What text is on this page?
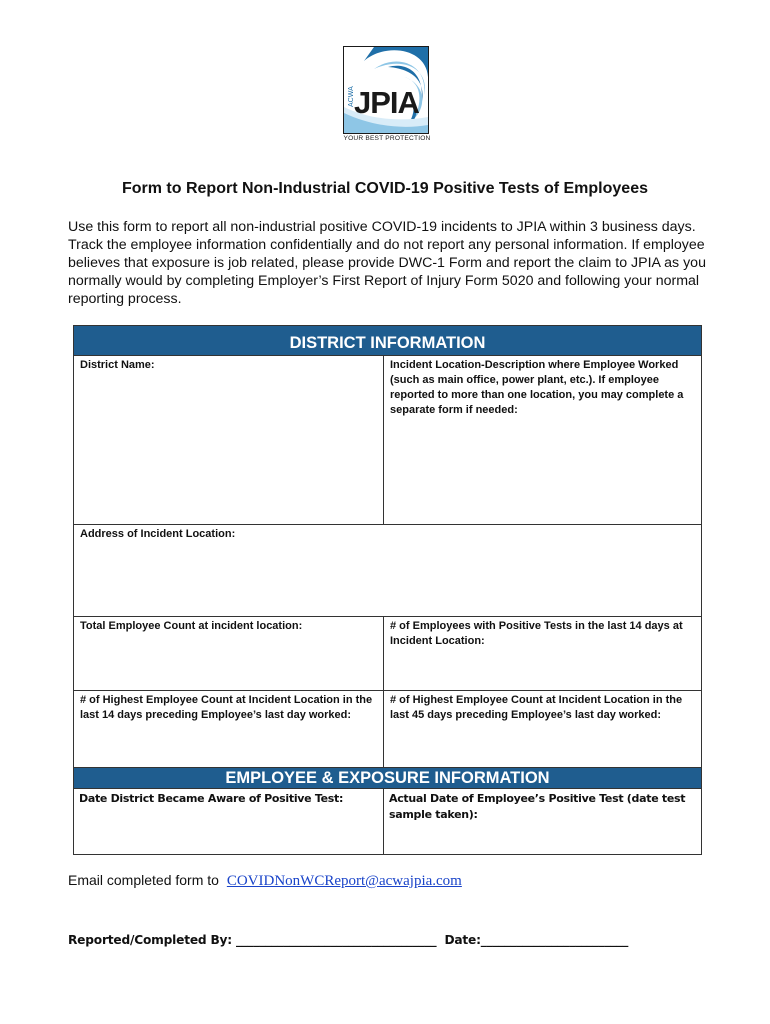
ACWA JPIA
YOUR BEST PROTECTION
Form to Report Non-Industrial COVID-19 Positive Tests of Employees

Use this form to report all non-industrial positive COVID-19 incidents to JPIA within 3 business days. Track the employee information confidentially and do not report any personal information. If employee believes that exposure is job related, please provide DWC-1 Form and report the claim to JPIA as you normally would by completing Employer’s First Report of Injury Form 5020 and following your normal reporting process.

DISTRICT INFORMATION	

District Name:	Incident Location-Description where Employee Worked (such as main office, power plant, etc.). If employee reported to more than one location, you may complete a separate form if needed:

Address of Incident Location:	

Total Employee Count at incident location:	# of Employees with Positive Tests in the last 14 days at Incident Location:

# of Highest Employee Count at Incident Location in the last 14 days preceding Employee’s last day worked:	# of Highest Employee Count at Incident Location in the last 45 days preceding Employee’s last day worked:

EMPLOYEE & EXPOSURE INFORMATION	

Date District Became Aware of Positive Test:	Actual Date of Employee’s Positive Test (date test sample taken):
Email completed form to COVIDNonWCReport@acwajpia.com
Reported/Completed By: __________________________________  Date:_________________________
